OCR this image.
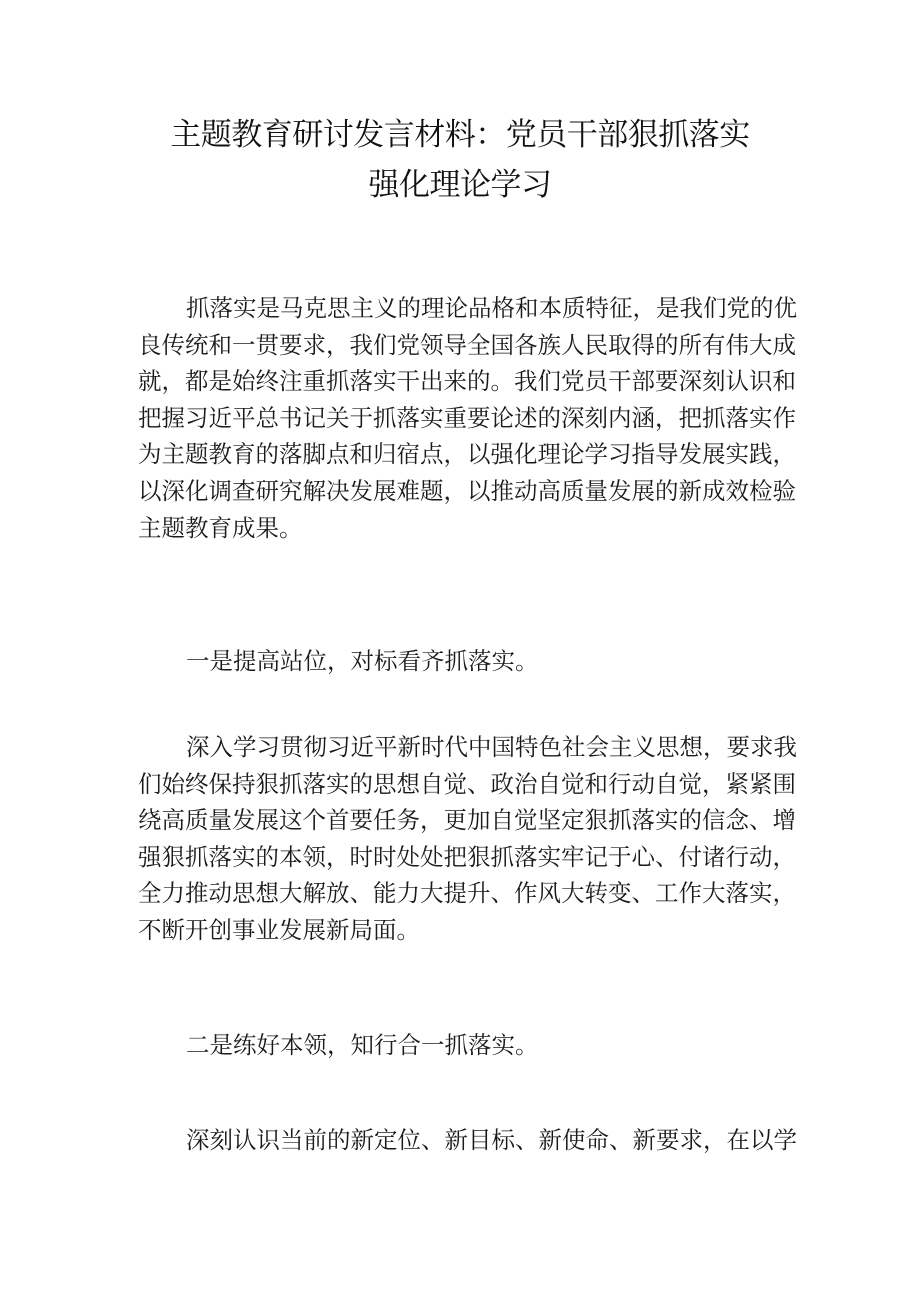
主题教育研讨发言材料：党员干部狠抓落实
强化理论学习
抓落实是马克思主义的理论品格和本质特征，是我们党的优
良传统和一贯要求，我们党领导全国各族人民取得的所有伟大成
就，都是始终注重抓落实干出来的。我们党员干部要深刻认识和
把握习近平总书记关于抓落实重要论述的深刻内涵，把抓落实作
为主题教育的落脚点和归宿点，以强化理论学习指导发展实践，
以深化调查研究解决发展难题，以推动高质量发展的新成效检验
主题教育成果。
一是提高站位，对标看齐抓落实。
深入学习贯彻习近平新时代中国特色社会主义思想，要求我
们始终保持狠抓落实的思想自觉、政治自觉和行动自觉，紧紧围
绕高质量发展这个首要任务，更加自觉坚定狠抓落实的信念、增
强狠抓落实的本领，时时处处把狠抓落实牢记于心、付诸行动，
全力推动思想大解放、能力大提升、作风大转变、工作大落实，
不断开创事业发展新局面。
二是练好本领，知行合一抓落实。
深刻认识当前的新定位、新目标、新使命、新要求，在以学
